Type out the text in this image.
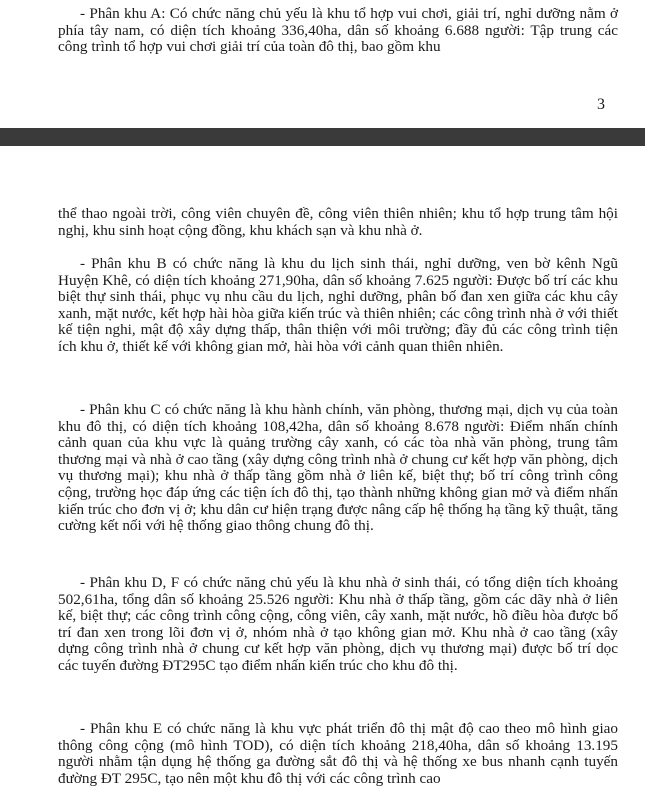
- Phân khu A: Có chức năng chủ yếu là khu tổ hợp vui chơi, giải trí, nghỉ dưỡng nằm ở phía tây nam, có diện tích khoảng 336,40ha, dân số khoảng 6.688 người: Tập trung các công trình tổ hợp vui chơi giải trí của toàn đô thị, bao gồm khu

3

thể thao ngoài trời, công viên chuyên đề, công viên thiên nhiên; khu tổ hợp trung tâm hội nghị, khu sinh hoạt cộng đồng, khu khách sạn và khu nhà ở.

- Phân khu B có chức năng là khu du lịch sinh thái, nghỉ dưỡng, ven bờ kênh Ngũ Huyện Khê, có diện tích khoảng 271,90ha, dân số khoảng 7.625 người: Được bố trí các khu biệt thự sinh thái, phục vụ nhu cầu du lịch, nghỉ dưỡng, phân bố đan xen giữa các khu cây xanh, mặt nước, kết hợp hài hòa giữa kiến trúc và thiên nhiên; các công trình nhà ở với thiết kế tiện nghi, mật độ xây dựng thấp, thân thiện với môi trường; đầy đủ các công trình tiện ích khu ở, thiết kế với không gian mở, hài hòa với cảnh quan thiên nhiên.

- Phân khu C có chức năng là khu hành chính, văn phòng, thương mại, dịch vụ của toàn khu đô thị, có diện tích khoảng 108,42ha, dân số khoảng 8.678 người: Điểm nhấn chính cảnh quan của khu vực là quảng trường cây xanh, có các tòa nhà văn phòng, trung tâm thương mại và nhà ở cao tầng (xây dựng công trình nhà ở chung cư kết hợp văn phòng, dịch vụ thương mại); khu nhà ở thấp tầng gồm nhà ở liên kế, biệt thự; bố trí công trình công cộng, trường học đáp ứng các tiện ích đô thị, tạo thành những không gian mở và điểm nhấn kiến trúc cho đơn vị ở; khu dân cư hiện trạng được nâng cấp hệ thống hạ tầng kỹ thuật, tăng cường kết nối với hệ thống giao thông chung đô thị.

- Phân khu D, F có chức năng chủ yếu là khu nhà ở sinh thái, có tổng diện tích khoảng 502,61ha, tổng dân số khoảng 25.526 người: Khu nhà ở thấp tầng, gồm các dãy nhà ở liên kế, biệt thự; các công trình công cộng, công viên, cây xanh, mặt nước, hồ điều hòa được bố trí đan xen trong lõi đơn vị ở, nhóm nhà ở tạo không gian mở. Khu nhà ở cao tầng (xây dựng công trình nhà ở chung cư kết hợp văn phòng, dịch vụ thương mại) được bố trí dọc các tuyến đường ĐT295C tạo điểm nhấn kiến trúc cho khu đô thị.

- Phân khu E có chức năng là khu vực phát triển đô thị mật độ cao theo mô hình giao thông công cộng (mô hình TOD), có diện tích khoảng 218,40ha, dân số khoảng 13.195 người nhằm tận dụng hệ thống ga đường sắt đô thị và hệ thống xe bus nhanh cạnh tuyến đường ĐT 295C, tạo nên một khu đô thị với các công trình cao
